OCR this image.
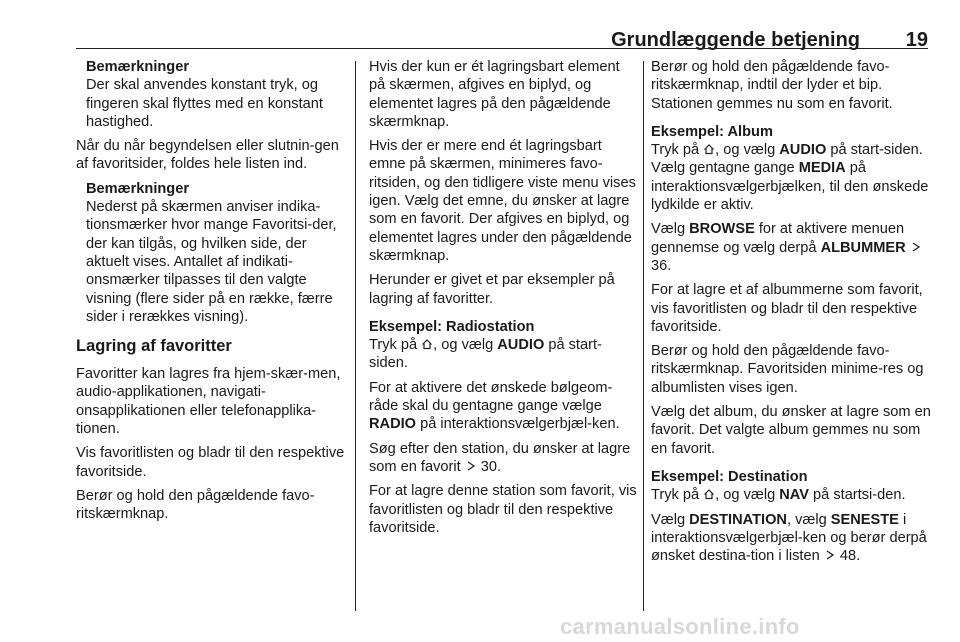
Grundlæggende betjening	19
Bemærkninger
Der skal anvendes konstant tryk, og fingeren skal flyttes med en konstant hastighed.

Når du når begyndelsen eller slutnin-gen af favoritsider, foldes hele listen ind.

Bemærkninger
Nederst på skærmen anviser indika-tionsmærker hvor mange Favoritsi-der, der kan tilgås, og hvilken side, der aktuelt vises. Antallet af indikati-onsmærker tilpasses til den valgte visning (flere sider på en række, færre sider i rerækkes visning).
Lagring af favoritter

Favoritter kan lagres fra hjem-skær-men, audio-applikationen, navigati-onsapplikationen eller telefonapplika-tionen.

Vis favoritlisten og bladr til den respektive favoritside.

Berør og hold den pågældende favo-ritskærmknap.

Hvis der kun er ét lagringsbart element på skærmen, afgives en biplyd, og elementet lagres på den pågældende skærmknap.

Hvis der er mere end ét lagringsbart emne på skærmen, minimeres favo-ritsiden, og den tidligere viste menu vises igen. Vælg det emne, du ønsker at lagre som en favorit. Der afgives en biplyd, og elementet lagres under den pågældende skærmknap.

Herunder er givet et par eksempler på lagring af favoritter.

Eksempel: Radiostation

Tryk på , og vælg AUDIO på start-siden.

For at aktivere det ønskede bølgeom-råde skal du gentagne gange vælge RADIO på interaktionsvælgerbjæl-ken.

Søg efter den station, du ønsker at lagre som en favorit  30.

For at lagre denne station som favorit, vis favoritlisten og bladr til den respektive favoritside.

Berør og hold den pågældende favo-ritskærmknap, indtil der lyder et bip. Stationen gemmes nu som en favorit.

Eksempel: Album

Tryk på , og vælg AUDIO på start-siden. Vælg gentagne gange MEDIA på interaktionsvælgerbjælken, til den ønskede lydkilde er aktiv.

Vælg BROWSE for at aktivere menuen gennemse og vælg derpå ALBUMMER  36.

For at lagre et af albummerne som favorit, vis favoritlisten og bladr til den respektive favoritside.

Berør og hold den pågældende favo-ritskærmknap. Favoritsiden minime-res og albumlisten vises igen.

Vælg det album, du ønsker at lagre som en favorit. Det valgte album gemmes nu som en favorit.

Eksempel: Destination

Tryk på , og vælg NAV på startsi-den.

Vælg DESTINATION, vælg SENESTE i interaktionsvælgerbjæl-ken og berør derpå ønsket destina-tion i listen  48.

carmanualsonline.info
